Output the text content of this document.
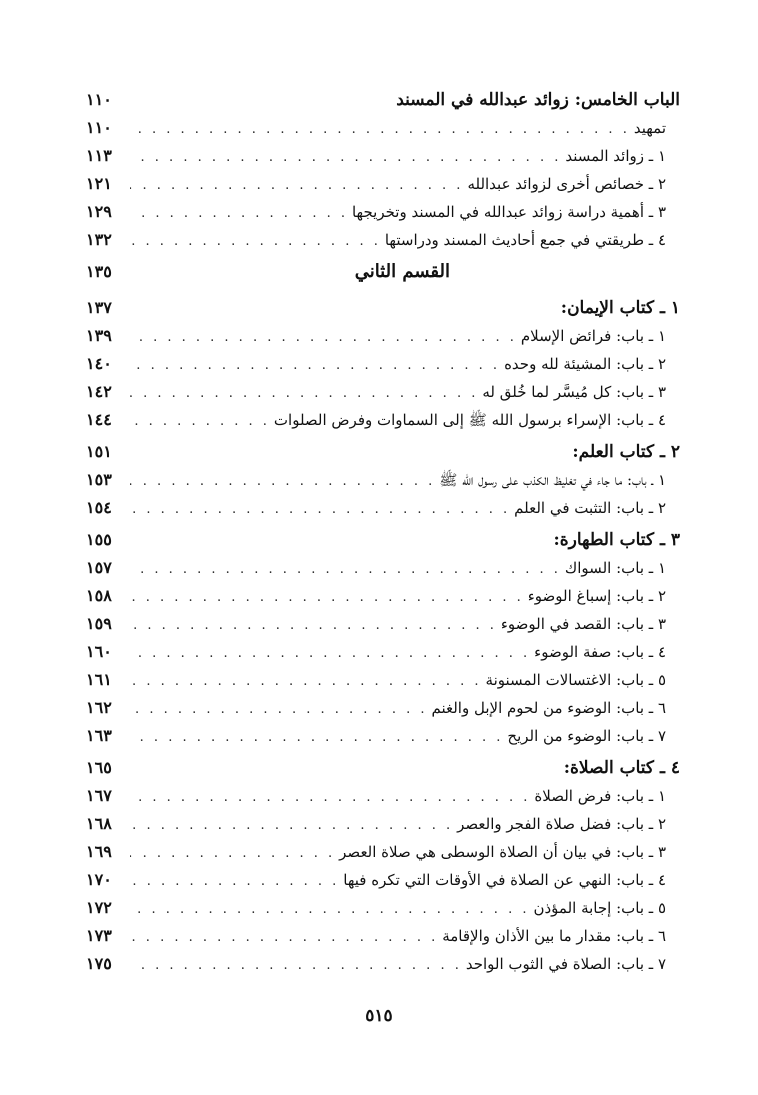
الباب الخامس: زوائد عبدالله في المسند
١١٠
تمهيد
. . .
١١٠
١ ـ زوائد المسند
. . .
١١٣
٢ ـ خصائص أخرى لزوائد عبدالله
. . .
١٢١
٣ ـ أهمية دراسة زوائد عبدالله في المسند وتخريجها
. . .
١٢٩
٤ ـ طريقتي في جمع أحاديث المسند ودراستها
. . .
١٣٢
القسم الثاني
١٣٥
١ ـ كتاب الإيمان:
١٣٧
١ ـ باب: فرائض الإسلام
. . .
١٣٩
٢ ـ باب: المشيئة لله وحده
. . .
١٤٠
٣ ـ باب: كل مُيسَّر لما خُلق له
. . .
١٤٢
٤ ـ باب: الإسراء برسول الله ﷺ إلى السماوات وفرض الصلوات
. . .
١٤٤
٢ ـ كتاب العلم:
١٥١
١ ـ باب: ما جاء في تغليظ الكذب على رسول الله ﷺ
. . .
١٥٣
٢ ـ باب: التثبت في العلم
. . .
١٥٤
٣ ـ كتاب الطهارة:
١٥٥
١ ـ باب: السواك
. . .
١٥٧
٢ ـ باب: إسباغ الوضوء
. . .
١٥٨
٣ ـ باب: القصد في الوضوء
. . .
١٥٩
٤ ـ باب: صفة الوضوء
. . .
١٦٠
٥ ـ باب: الاغتسالات المسنونة
. . .
١٦١
٦ ـ باب: الوضوء من لحوم الإبل والغنم
. . .
١٦٢
٧ ـ باب: الوضوء من الريح
. . .
١٦٣
٤ ـ كتاب الصلاة:
١٦٥
١ ـ باب: فرض الصلاة
. . .
١٦٧
٢ ـ باب: فضل صلاة الفجر والعصر
. . .
١٦٨
٣ ـ باب: في بيان أن الصلاة الوسطى هي صلاة العصر
. . .
١٦٩
٤ ـ باب: النهي عن الصلاة في الأوقات التي تكره فيها
. . .
١٧٠
٥ ـ باب: إجابة المؤذن
. . .
١٧٢
٦ ـ باب: مقدار ما بين الأذان والإقامة
. . .
١٧٣
٧ ـ باب: الصلاة في الثوب الواحد
. . .
١٧٥
٥١٥
